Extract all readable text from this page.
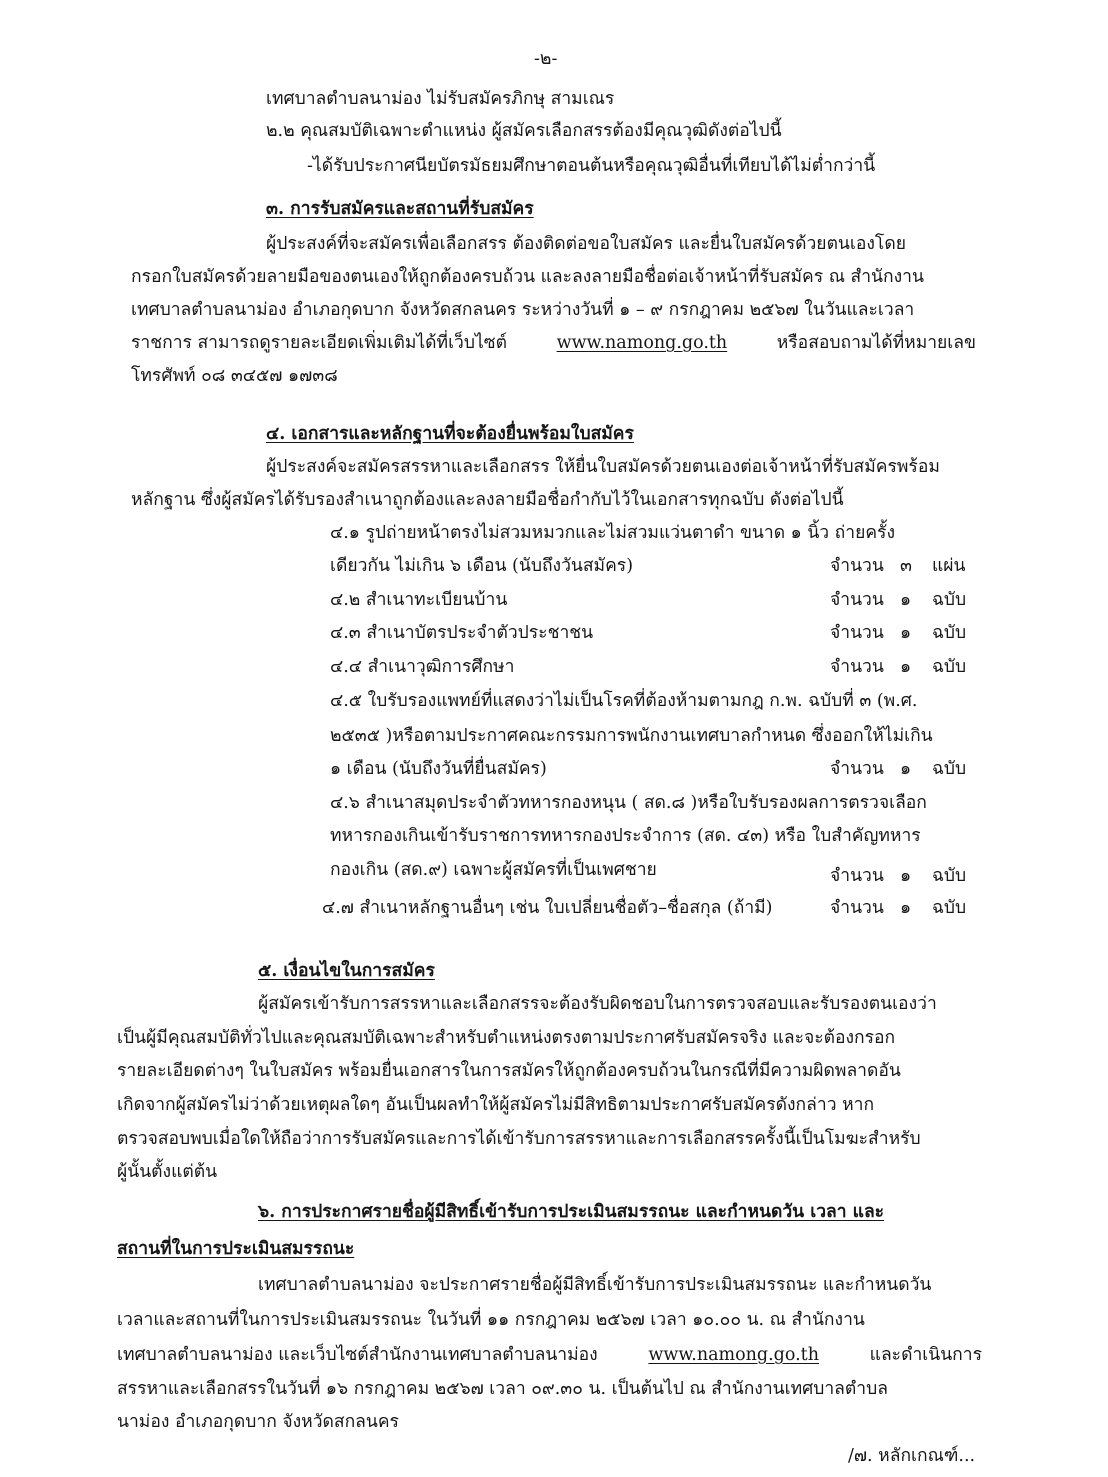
-๒-
เทศบาลตำบลนาม่อง ไม่รับสมัครภิกษุ สามเณร
๒.๒ คุณสมบัติเฉพาะตำแหน่ง ผู้สมัครเลือกสรรต้องมีคุณวุฒิดังต่อไปนี้
-ได้รับประกาศนียบัตรมัธยมศึกษาตอนต้นหรือคุณวุฒิอื่นที่เทียบได้ไม่ต่ำกว่านี้
๓. การรับสมัครและสถานที่รับสมัคร
ผู้ประสงค์ที่จะสมัครเพื่อเลือกสรร ต้องติดต่อขอใบสมัคร และยื่นใบสมัครด้วยตนเองโดย
กรอกใบสมัครด้วยลายมือของตนเองให้ถูกต้องครบถ้วน และลงลายมือชื่อต่อเจ้าหน้าที่รับสมัคร ณ สำนักงาน
เทศบาลตำบลนาม่อง อำเภอกุดบาก จังหวัดสกลนคร ระหว่างวันที่ ๑ – ๙ กรกฎาคม ๒๕๖๗ ในวันและเวลา
ราชการ สามารถดูรายละเอียดเพิ่มเติมได้ที่เว็บไซต์	www.namong.go.th	หรือสอบถามได้ที่หมายเลข
โทรศัพท์ ๐๘ ๓๔๕๗ ๑๗๓๘
๔. เอกสารและหลักฐานที่จะต้องยื่นพร้อมใบสมัคร
ผู้ประสงค์จะสมัครสรรหาและเลือกสรร ให้ยื่นใบสมัครด้วยตนเองต่อเจ้าหน้าที่รับสมัครพร้อม
หลักฐาน ซึ่งผู้สมัครได้รับรองสำเนาถูกต้องและลงลายมือชื่อกำกับไว้ในเอกสารทุกฉบับ ดังต่อไปนี้
๔.๑ รูปถ่ายหน้าตรงไม่สวมหมวกและไม่สวมแว่นตาดำ ขนาด ๑ นิ้ว ถ่ายครั้ง
เดียวกัน ไม่เกิน ๖ เดือน (นับถึงวันสมัคร)	จำนวน ๓ แผ่น
๔.๒ สำเนาทะเบียนบ้าน	จำนวน ๑ ฉบับ
๔.๓ สำเนาบัตรประจำตัวประชาชน	จำนวน ๑ ฉบับ
๔.๔ สำเนาวุฒิการศึกษา	จำนวน ๑ ฉบับ
๔.๕ ใบรับรองแพทย์ที่แสดงว่าไม่เป็นโรคที่ต้องห้ามตามกฎ ก.พ. ฉบับที่ ๓ (พ.ศ.
๒๕๓๕ )หรือตามประกาศคณะกรรมการพนักงานเทศบาลกำหนด ซึ่งออกให้ไม่เกิน
๑ เดือน (นับถึงวันที่ยื่นสมัคร)	จำนวน ๑ ฉบับ
๔.๖ สำเนาสมุดประจำตัวทหารกองหนุน ( สด.๘ )หรือใบรับรองผลการตรวจเลือก
ทหารกองเกินเข้ารับราชการทหารกองประจำการ (สด. ๔๓) หรือ ใบสำคัญทหาร
กองเกิน (สด.๙) เฉพาะผู้สมัครที่เป็นเพศชาย	จำนวน ๑ ฉบับ
๔.๗ สำเนาหลักฐานอื่นๆ เช่น ใบเปลี่ยนชื่อตัว–ชื่อสกุล (ถ้ามี)	จำนวน ๑ ฉบับ
๕. เงื่อนไขในการสมัคร
ผู้สมัครเข้ารับการสรรหาและเลือกสรรจะต้องรับผิดชอบในการตรวจสอบและรับรองตนเองว่า
เป็นผู้มีคุณสมบัติทั่วไปและคุณสมบัติเฉพาะสำหรับตำแหน่งตรงตามประกาศรับสมัครจริง และจะต้องกรอก
รายละเอียดต่างๆ ในใบสมัคร พร้อมยื่นเอกสารในการสมัครให้ถูกต้องครบถ้วนในกรณีที่มีความผิดพลาดอัน
เกิดจากผู้สมัครไม่ว่าด้วยเหตุผลใดๆ อันเป็นผลทำให้ผู้สมัครไม่มีสิทธิตามประกาศรับสมัครดังกล่าว หาก
ตรวจสอบพบเมื่อใดให้ถือว่าการรับสมัครและการได้เข้ารับการสรรหาและการเลือกสรรครั้งนี้เป็นโมฆะสำหรับ
ผู้นั้นตั้งแต่ต้น
๖. การประกาศรายชื่อผู้มีสิทธิ์เข้ารับการประเมินสมรรถนะ และกำหนดวัน เวลา และ
สถานที่ในการประเมินสมรรถนะ
เทศบาลตำบลนาม่อง จะประกาศรายชื่อผู้มีสิทธิ์เข้ารับการประเมินสมรรถนะ และกำหนดวัน
เวลาและสถานที่ในการประเมินสมรรถนะ ในวันที่ ๑๑ กรกฎาคม ๒๕๖๗ เวลา ๑๐.๐๐ น. ณ สำนักงาน
เทศบาลตำบลนาม่อง และเว็บไซต์สำนักงานเทศบาลตำบลนาม่อง	www.namong.go.th	และดำเนินการ
สรรหาและเลือกสรรในวันที่ ๑๖ กรกฎาคม ๒๕๖๗ เวลา ๐๙.๓๐ น. เป็นต้นไป ณ สำนักงานเทศบาลตำบล
นาม่อง อำเภอกุดบาก จังหวัดสกลนคร
/๗. หลักเกณฑ์...
